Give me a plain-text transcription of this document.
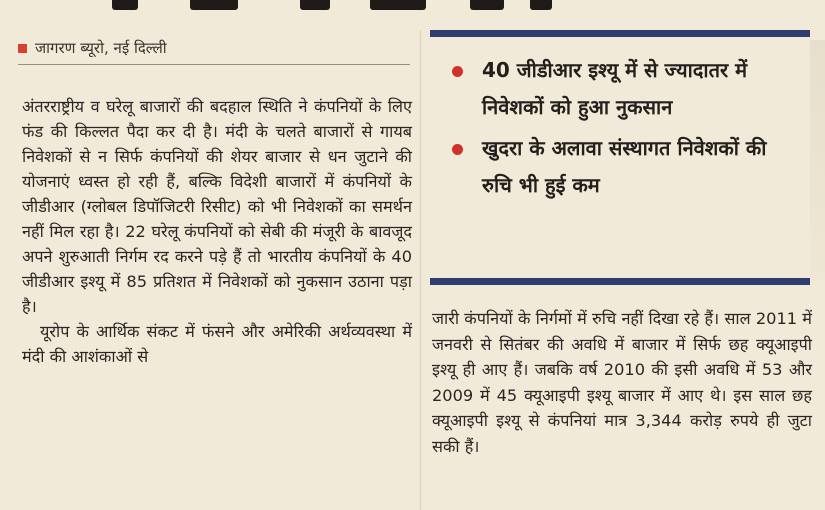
जागरण ब्यूरो, नई दिल्ली

अंतरराष्ट्रीय व घरेलू बाजारों की बदहाल स्थिति ने कंपनियों के लिए फंड की किल्लत पैदा कर दी है। मंदी के चलते बाजारों से गायब निवेशकों से न सिर्फ कंपनियों की शेयर बाजार से धन जुटाने की योजनाएं ध्वस्त हो रही हैं, बल्कि विदेशी बाजारों में कंपनियों के जीडीआर (ग्लोबल डिपॉजिटरी रिसीट) को भी निवेशकों का समर्थन नहीं मिल रहा है। 22 घरेलू कंपनियों को सेबी की मंजूरी के बावजूद अपने शुरुआती निर्गम रद करने पड़े हैं तो भारतीय कंपनियों के 40 जीडीआर इश्यू में 85 प्रतिशत में निवेशकों को नुकसान उठाना पड़ा है।

यूरोप के आर्थिक संकट में फंसने और अमेरिकी अर्थव्यवस्था में मंदी की आशंकाओं से

40 जीडीआर इश्यू में से ज्यादातर में निवेशकों को हुआ नुकसान
खुदरा के अलावा संस्थागत निवेशकों की रुचि भी हुई कम

जारी कंपनियों के निर्गमों में रुचि नहीं दिखा रहे हैं। साल 2011 में जनवरी से सितंबर की अवधि में बाजार में सिर्फ छह क्यूआइपी इश्यू ही आए हैं। जबकि वर्ष 2010 की इसी अवधि में 53 और 2009 में 45 क्यूआइपी इश्यू बाजार में आए थे। इस साल छह क्यूआइपी इश्यू से कंपनियां मात्र 3,344 करोड़ रुपये ही जुटा सकी हैं।
